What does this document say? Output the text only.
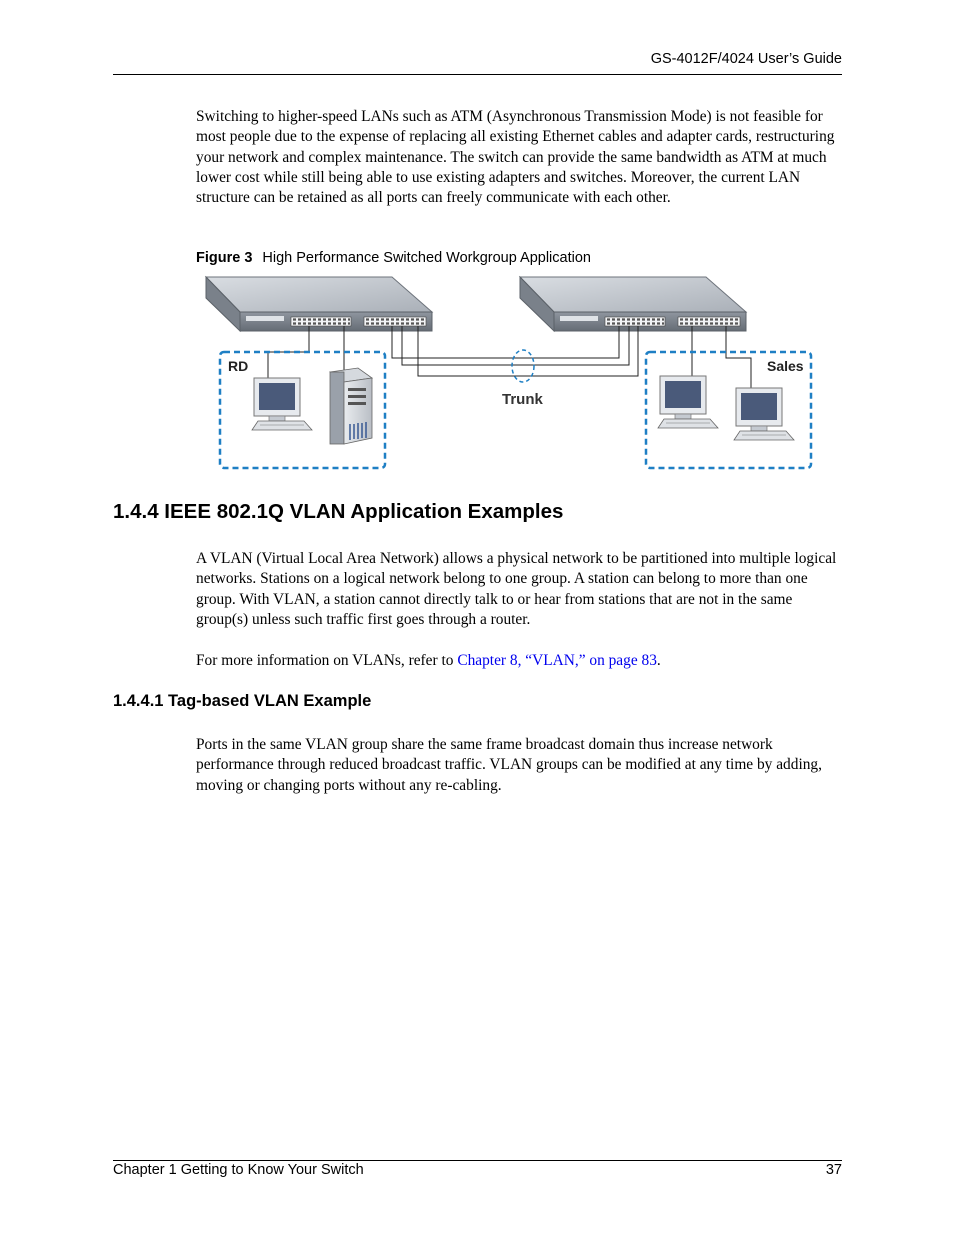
GS-4012F/4024 User’s Guide

Switching to higher-speed LANs such as ATM (Asynchronous Transmission Mode) is not feasible for most people due to the expense of replacing all existing Ethernet cables and adapter cards, restructuring your network and complex maintenance. The switch can provide the same bandwidth as ATM at much lower cost while still being able to use existing adapters and switches. Moreover, the current LAN structure can be retained as all ports can freely communicate with each other.

Figure 3 High Performance Switched Workgroup Application
Trunk
RD	Sales
1.4.4 IEEE 802.1Q VLAN Application Examples

A VLAN (Virtual Local Area Network) allows a physical network to be partitioned into multiple logical networks. Stations on a logical network belong to one group. A station can belong to more than one group. With VLAN, a station cannot directly talk to or hear from stations that are not in the same group(s) unless such traffic first goes through a router.

For more information on VLANs, refer to Chapter 8, “VLAN,” on page 83.

1.4.4.1 Tag-based VLAN Example

Ports in the same VLAN group share the same frame broadcast domain thus increase network performance through reduced broadcast traffic. VLAN groups can be modified at any time by adding, moving or changing ports without any re-cabling.

Chapter 1 Getting to Know Your Switch	37
